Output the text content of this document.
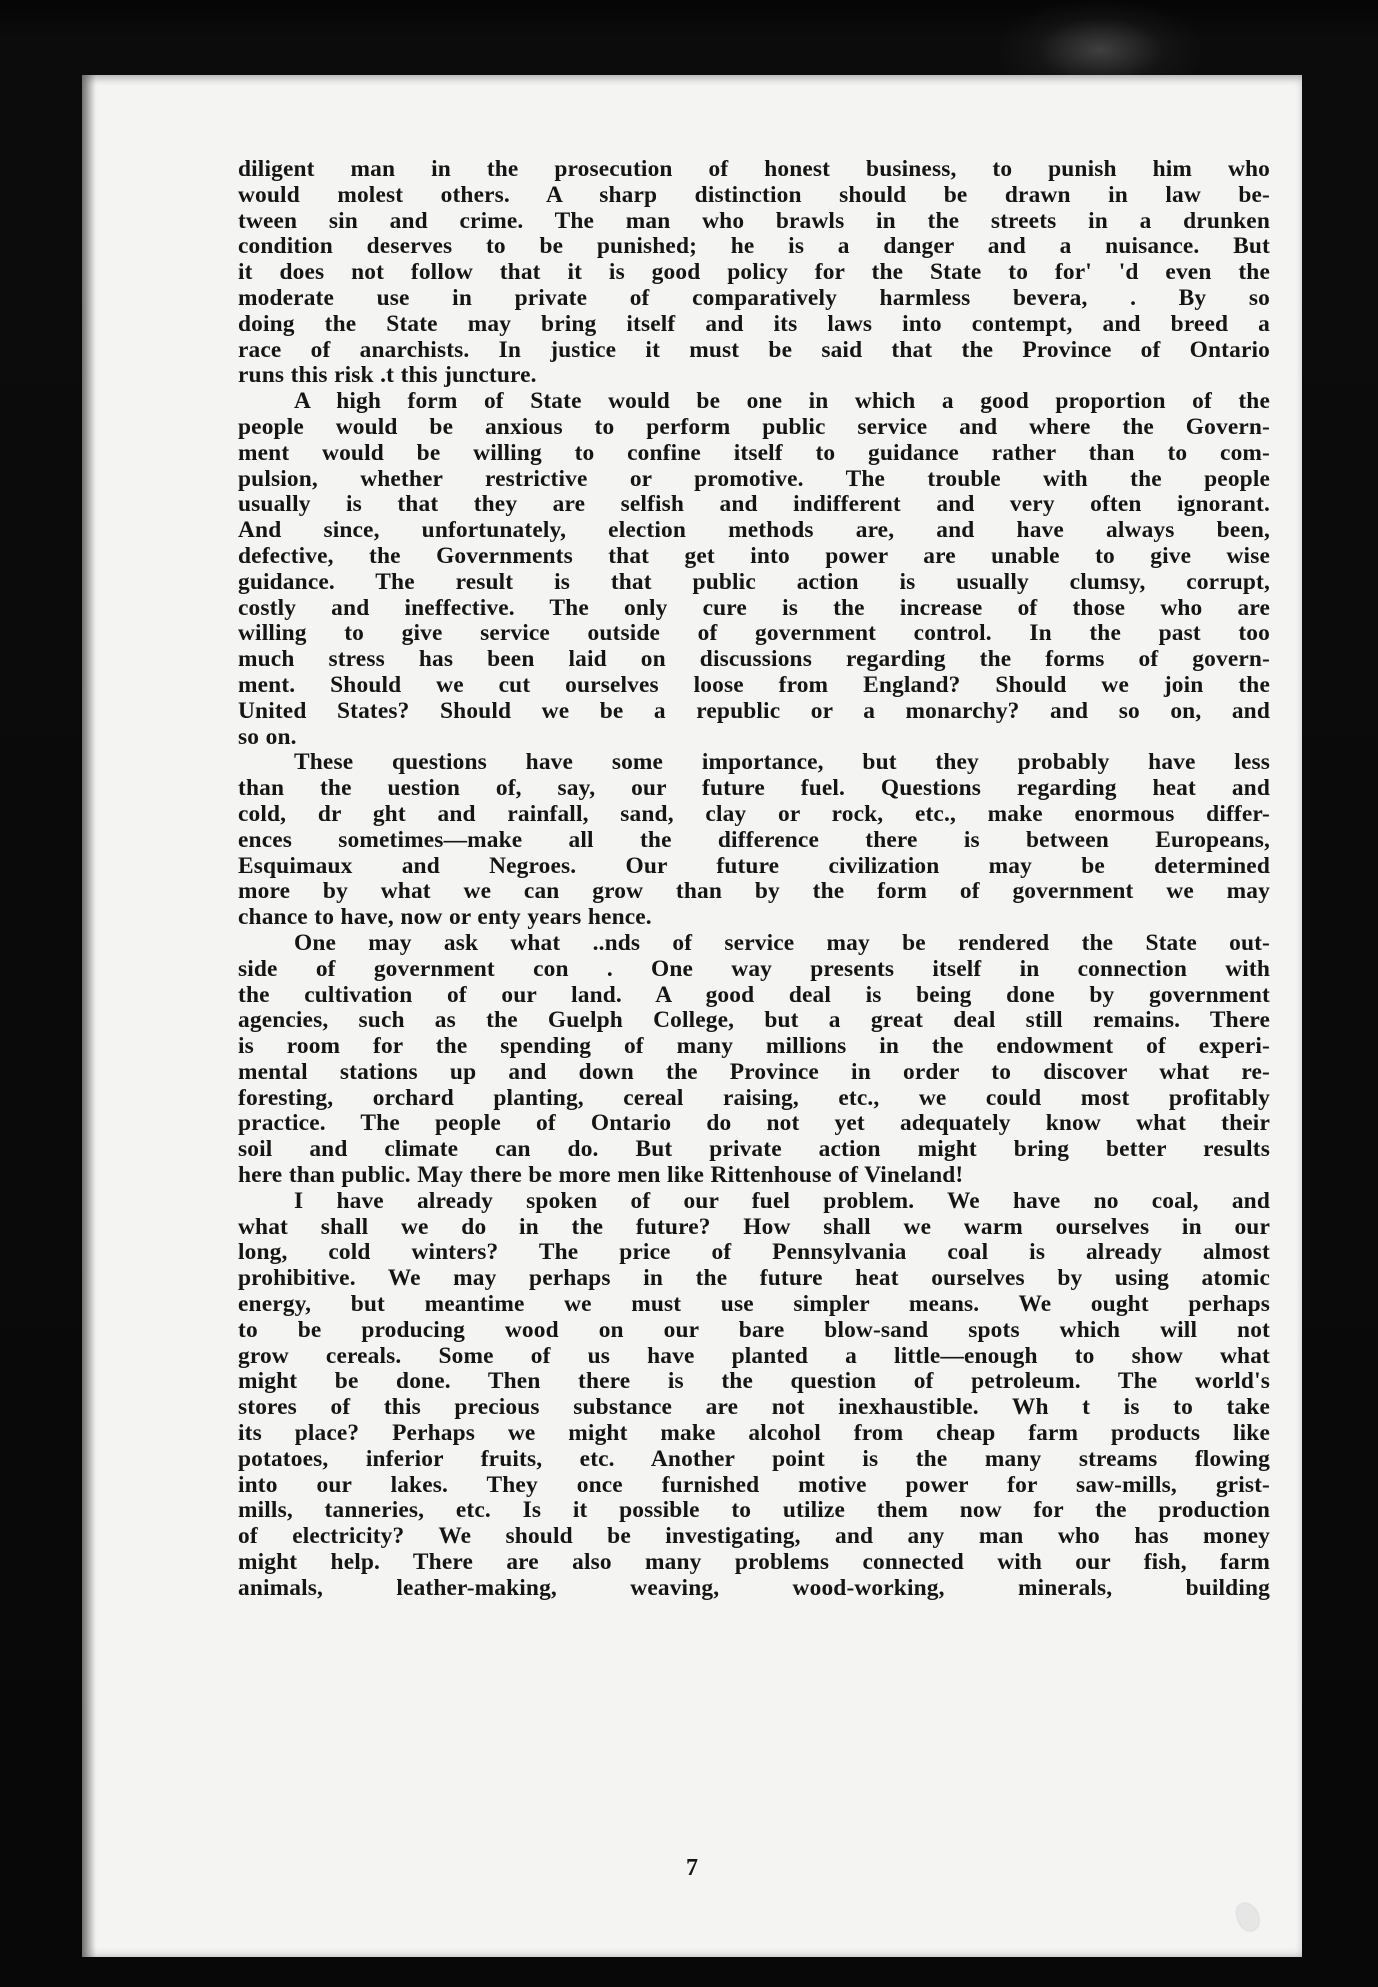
diligent man in the prosecution of honest business, to punish him who
would molest others. A sharp distinction should be drawn in law be-
tween sin and crime. The man who brawls in the streets in a drunken
condition deserves to be punished; he is a danger and a nuisance. But
it does not follow that it is good policy for the State to for' 'd even the
moderate use in private of comparatively harmless bevera, . By so
doing the State may bring itself and its laws into contempt, and breed a
race of anarchists. In justice it must be said that the Province of Ontario
runs this risk .t this juncture.
A high form of State would be one in which a good proportion of the
people would be anxious to perform public service and where the Govern-
ment would be willing to confine itself to guidance rather than to com-
pulsion, whether restrictive or promotive. The trouble with the people
usually is that they are selfish and indifferent and very often ignorant.
And since, unfortunately, election methods are, and have always been,
defective, the Governments that get into power are unable to give wise
guidance. The result is that public action is usually clumsy, corrupt,
costly and ineffective. The only cure is the increase of those who are
willing to give service outside of government control. In the past too
much stress has been laid on discussions regarding the forms of govern-
ment. Should we cut ourselves loose from England? Should we join the
United States? Should we be a republic or a monarchy? and so on, and
so on.
These questions have some importance, but they probably have less
than the uestion of, say, our future fuel. Questions regarding heat and
cold, dr ght and rainfall, sand, clay or rock, etc., make enormous differ-
ences sometimes—make all the difference there is between Europeans,
Esquimaux and Negroes. Our future civilization may be determined
more by what we can grow than by the form of government we may
chance to have, now or enty years hence.
One may ask what ..nds of service may be rendered the State out-
side of government con . One way presents itself in connection with
the cultivation of our land. A good deal is being done by government
agencies, such as the Guelph College, but a great deal still remains. There
is room for the spending of many millions in the endowment of experi-
mental stations up and down the Province in order to discover what re-
foresting, orchard planting, cereal raising, etc., we could most profitably
practice. The people of Ontario do not yet adequately know what their
soil and climate can do. But private action might bring better results
here than public. May there be more men like Rittenhouse of Vineland!
I have already spoken of our fuel problem. We have no coal, and
what shall we do in the future? How shall we warm ourselves in our
long, cold winters? The price of Pennsylvania coal is already almost
prohibitive. We may perhaps in the future heat ourselves by using atomic
energy, but meantime we must use simpler means. We ought perhaps
to be producing wood on our bare blow-sand spots which will not
grow cereals. Some of us have planted a little—enough to show what
might be done. Then there is the question of petroleum. The world's
stores of this precious substance are not inexhaustible. Wh t is to take
its place? Perhaps we might make alcohol from cheap farm products like
potatoes, inferior fruits, etc. Another point is the many streams flowing
into our lakes. They once furnished motive power for saw-mills, grist-
mills, tanneries, etc. Is it possible to utilize them now for the production
of electricity? We should be investigating, and any man who has money
might help. There are also many problems connected with our fish, farm
animals, leather-making, weaving, wood-working, minerals, building
7
